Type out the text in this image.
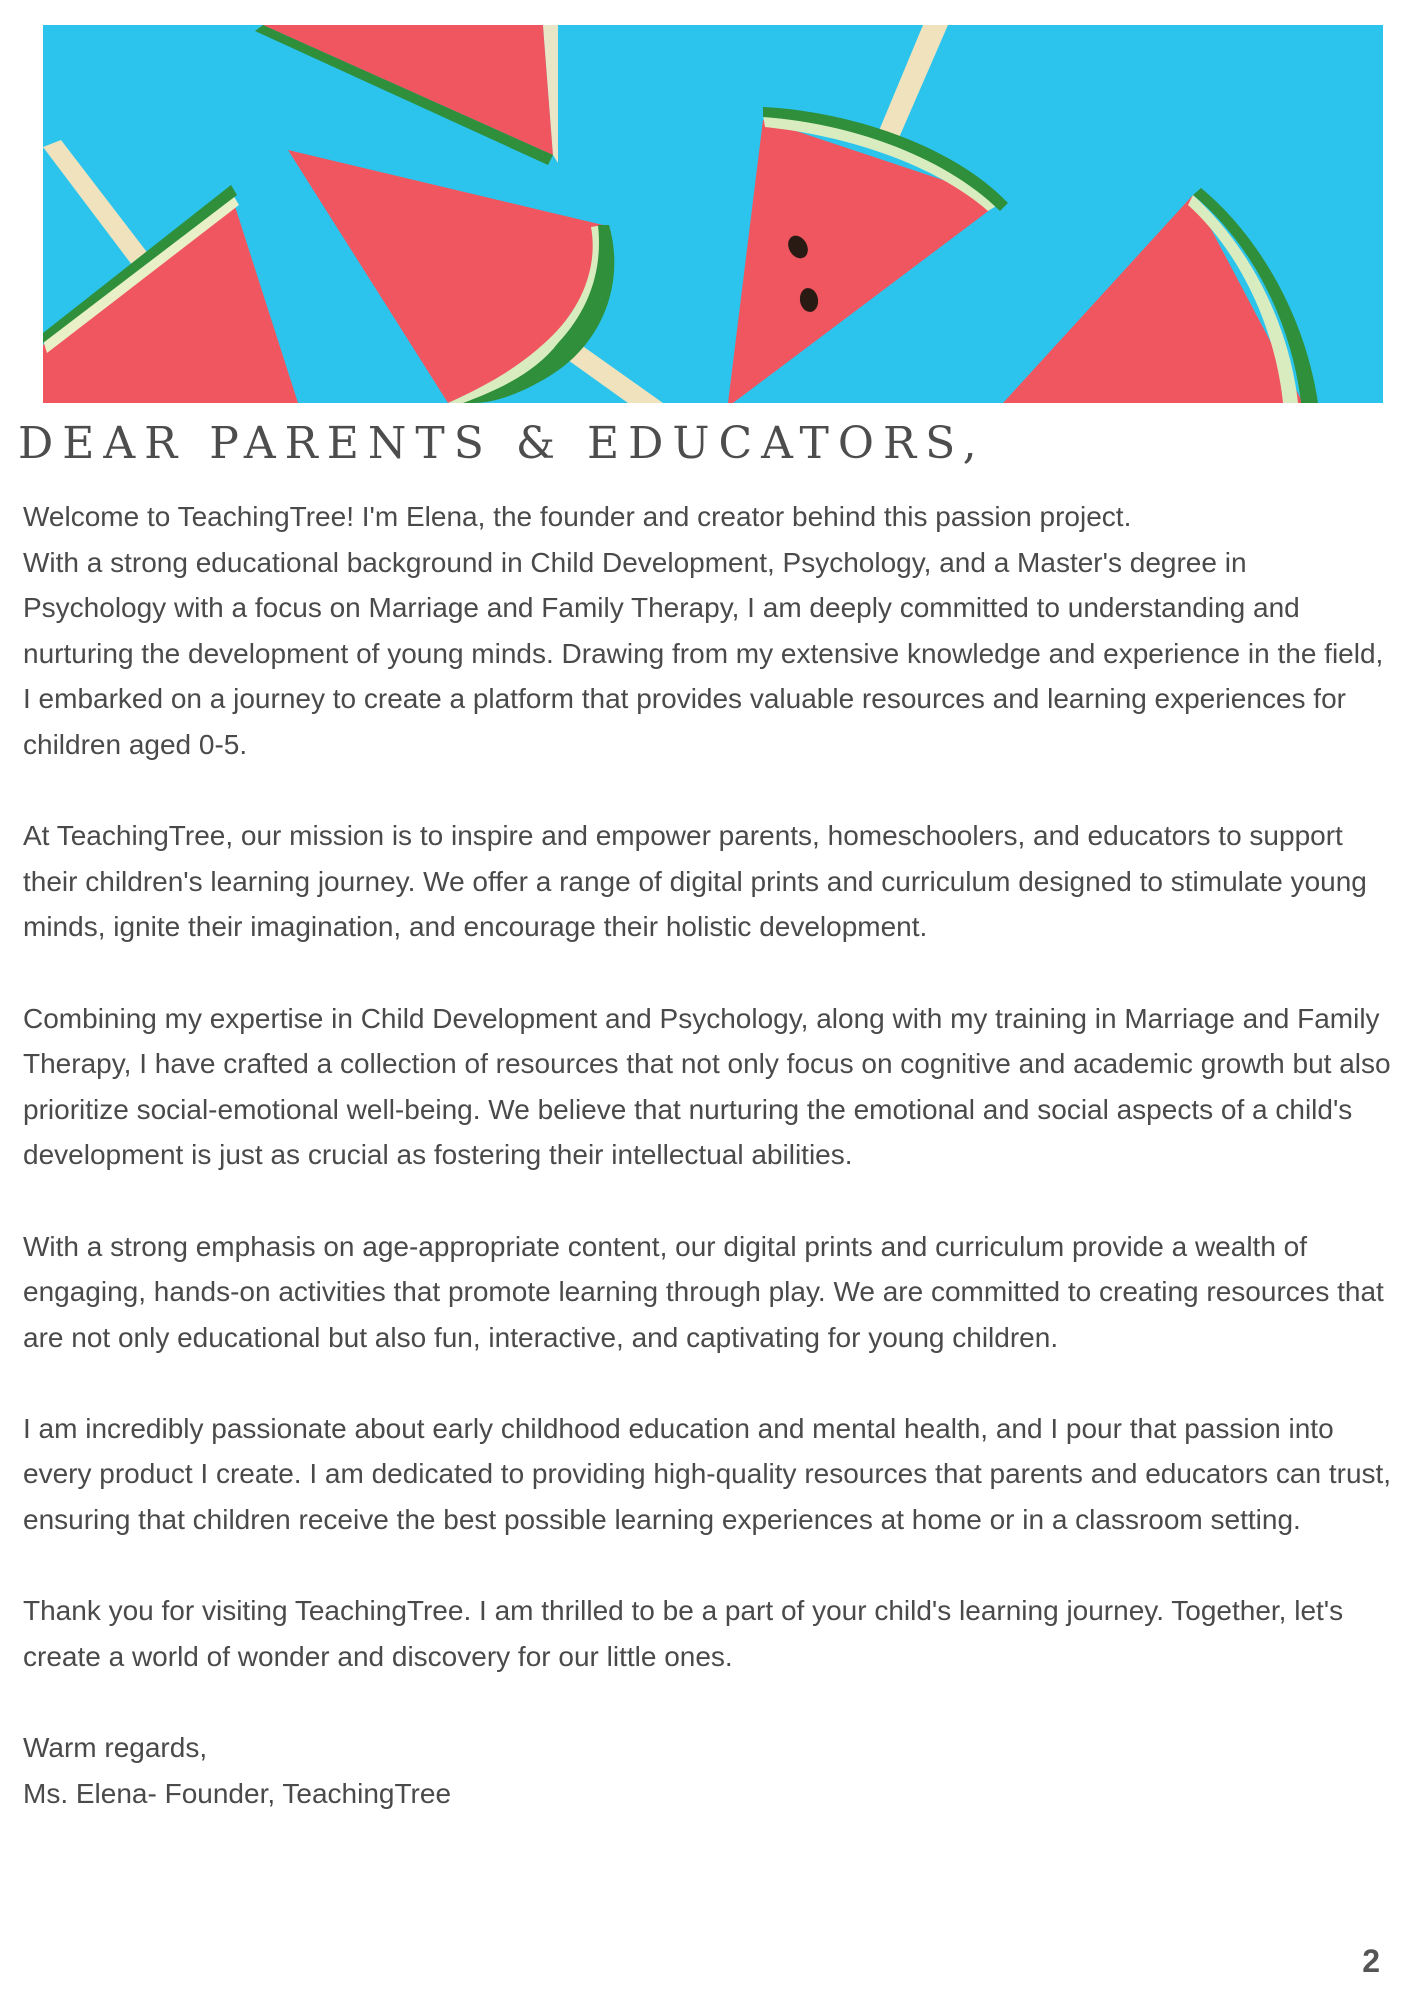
DEAR PARENTS & EDUCATORS,

Welcome to TeachingTree! I'm Elena, the founder and creator behind this passion project.

With a strong educational background in Child Development, Psychology, and a Master's degree in Psychology with a focus on Marriage and Family Therapy, I am deeply committed to understanding and nurturing the development of young minds. Drawing from my extensive knowledge and experience in the field, I embarked on a journey to create a platform that provides valuable resources and learning experiences for children aged 0-5.

At TeachingTree, our mission is to inspire and empower parents, homeschoolers, and educators to support their children's learning journey. We offer a range of digital prints and curriculum designed to stimulate young minds, ignite their imagination, and encourage their holistic development.

Combining my expertise in Child Development and Psychology, along with my training in Marriage and Family Therapy, I have crafted a collection of resources that not only focus on cognitive and academic growth but also prioritize social-emotional well-being. We believe that nurturing the emotional and social aspects of a child's development is just as crucial as fostering their intellectual abilities.

With a strong emphasis on age-appropriate content, our digital prints and curriculum provide a wealth of engaging, hands-on activities that promote learning through play. We are committed to creating resources that are not only educational but also fun, interactive, and captivating for young children.

I am incredibly passionate about early childhood education and mental health, and I pour that passion into every product I create. I am dedicated to providing high-quality resources that parents and educators can trust, ensuring that children receive the best possible learning experiences at home or in a classroom setting.

Thank you for visiting TeachingTree. I am thrilled to be a part of your child's learning journey. Together, let's create a world of wonder and discovery for our little ones.

Warm regards,

Ms. Elena- Founder, TeachingTree

2
